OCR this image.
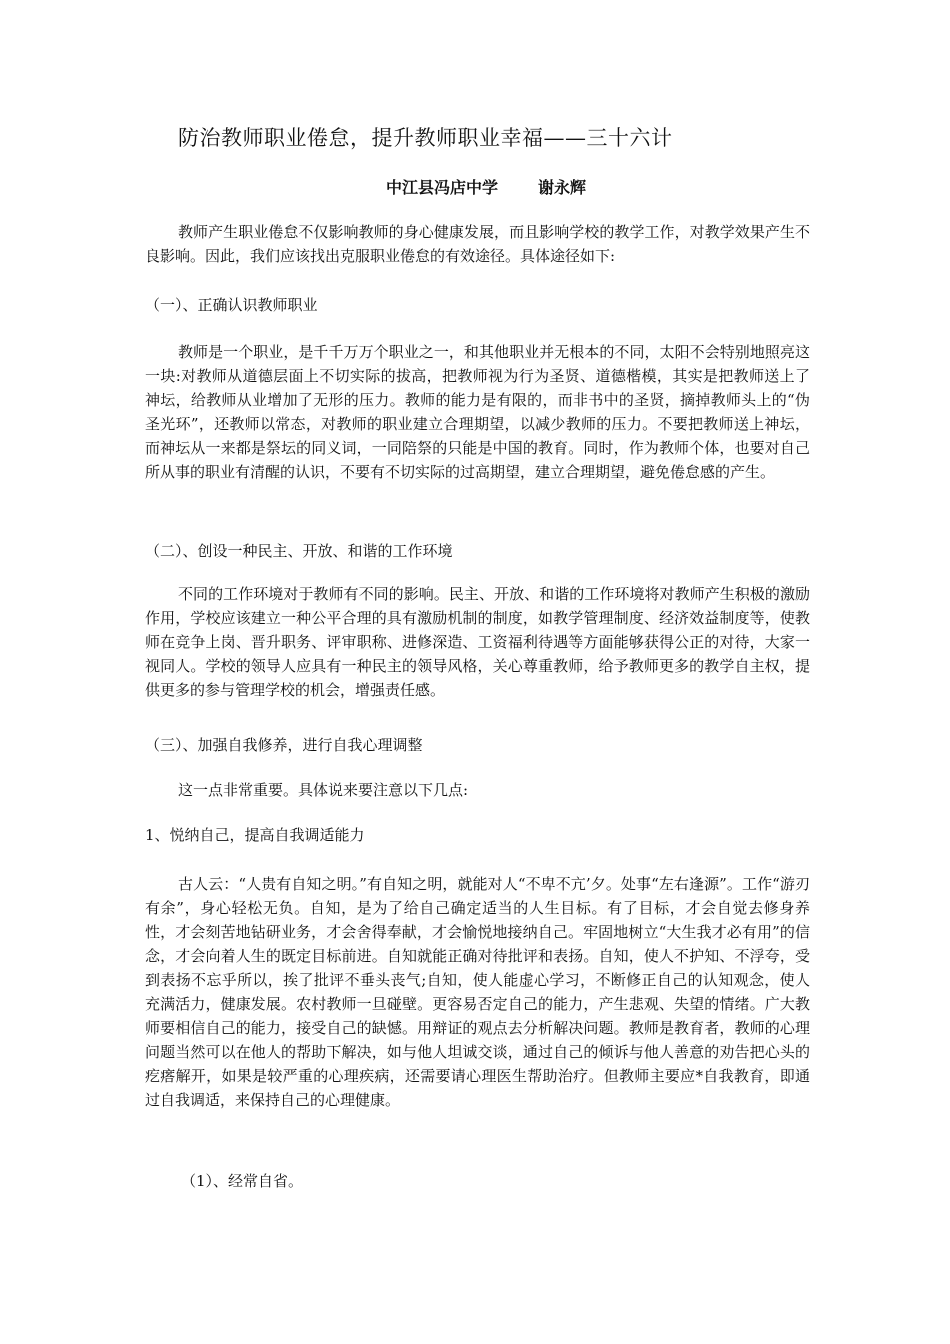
防治教师职业倦怠，提升教师职业幸福——三十六计
中江县冯店中学	谢永辉

教师产生职业倦怠不仅影响教师的身心健康发展，而且影响学校的教学工作，对教学效果产生不良影响。因此，我们应该找出克服职业倦怠的有效途径。具体途径如下:

（一）、正确认识教师职业

教师是一个职业，是千千万万个职业之一，和其他职业并无根本的不同，太阳不会特别地照亮这一块:对教师从道德层面上不切实际的拔高，把教师视为行为圣贤、道德楷模，其实是把教师送上了神坛，给教师从业增加了无形的压力。教师的能力是有限的，而非书中的圣贤，摘掉教师头上的“伪圣光环”，还教师以常态，对教师的职业建立合理期望，以减少教师的压力。不要把教师送上神坛，而神坛从一来都是祭坛的同义词，一同陪祭的只能是中国的教育。同时，作为教师个体，也要对自己所从事的职业有清醒的认识，不要有不切实际的过高期望，建立合理期望，避免倦怠感的产生。

（二）、创设一种民主、开放、和谐的工作环境

不同的工作环境对于教师有不同的影响。民主、开放、和谐的工作环境将对教师产生积极的激励作用，学校应该建立一种公平合理的具有激励机制的制度，如教学管理制度、经济效益制度等，使教师在竞争上岗、晋升职务、评审职称、进修深造、工资福利待遇等方面能够获得公正的对待，大家一视同人。学校的领导人应具有一种民主的领导风格，关心尊重教师，给予教师更多的教学自主权，提供更多的参与管理学校的机会，增强责任感。

（三）、加强自我修养，进行自我心理调整

这一点非常重要。具体说来要注意以下几点:

1、悦纳自己，提高自我调适能力

古人云：“人贵有自知之明。”有自知之明，就能对人“不卑不亢’夕。处事“左右逢源”。工作“游刃有余”，身心轻松无负。自知，是为了给自己确定适当的人生目标。有了目标，才会自觉去修身养性，才会刻苦地钻研业务，才会舍得奉献，才会愉悦地接纳自己。牢固地树立“大生我才必有用”的信念，才会向着人生的既定目标前进。自知就能正确对待批评和表扬。自知，使人不护知、不浮夸，受到表扬不忘乎所以，挨了批评不垂头丧气;自知，使人能虚心学习，不断修正自己的认知观念，使人充满活力，健康发展。农村教师一旦碰壁。更容易否定自己的能力，产生悲观、失望的情绪。广大教师要相信自己的能力，接受自己的缺憾。用辩证的观点去分析解决问题。教师是教育者，教师的心理问题当然可以在他人的帮助下解决，如与他人坦诚交谈，通过自己的倾诉与他人善意的劝告把心头的疙瘩解开，如果是较严重的心理疾病，还需要请心理医生帮助治疗。但教师主要应*自我教育，即通过自我调适，来保持自己的心理健康。

（1）、经常自省。
